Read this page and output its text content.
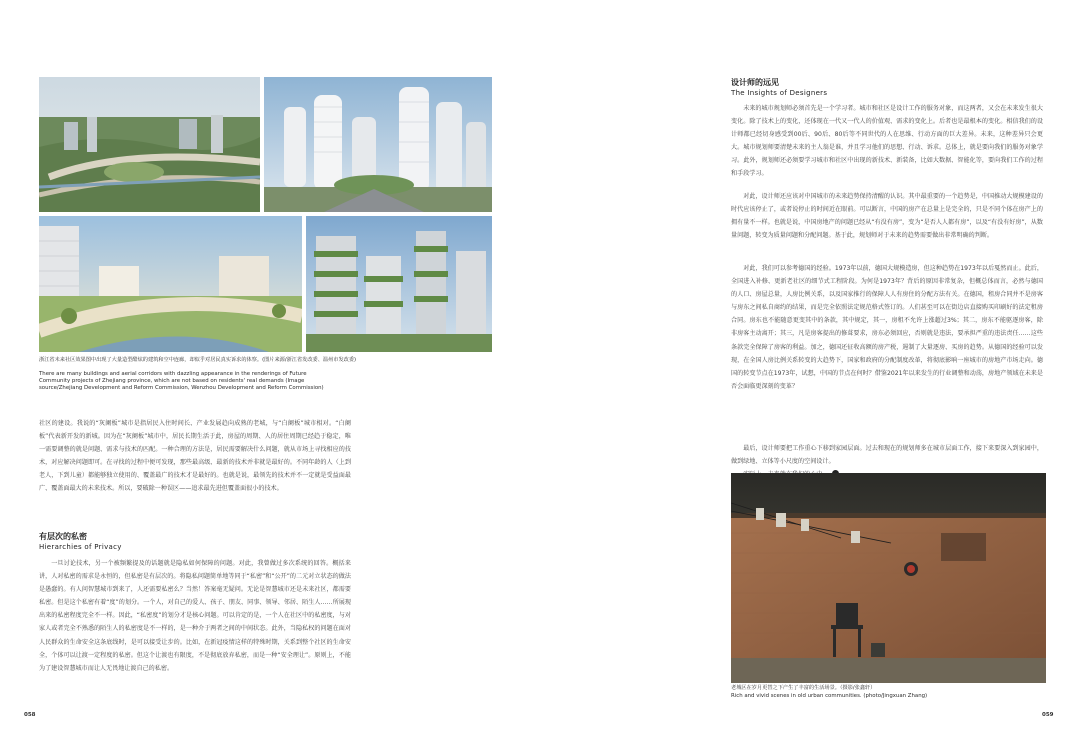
浙江省未来社区效果图中出现了大量造型酷炫的建筑和空中连廊，却似乎对居民真实诉求的体察。(图片来源/浙江省发改委、温州市发改委)
There are many buildings and aerial corridors with dazzling appearance in the renderings of Future Community projects of Zhejiang province, which are not based on residents' real demands (Image source/Zhejiang Development and Reform Commission, Wenzhou Development and Reform Commission)

社区的建设。我说的“灰阑板”城市是指居民入住时间长、产业发展趋向成熟的老城，与“白阑板”城市相对。“白阑板”代表新开发的新城。因为在“灰阑板”城市中，居民长期生活于此，房屋的周期、人的居住周期已经趋于稳定，唯一需要调整的就是问题、需求与技术的匹配。一种合理的方法是，居民需要解决什么问题，就从市场上寻找相应的技术，对应解决问题即可。在寻找的过程中便可发现，那些最高级、最新的技术并非就是最好的。不同年龄的人（上到老人，下到儿童）都能够独立使用的、覆盖最广的技术才是最好的。也就是说，最领先的技术并不一定就是受益面最广、覆盖面最大的未来技术。所以，要破除一种误区——追求最先进但覆盖面很小的技术。

有层次的私密
Hierarchies of Privacy

一旦讨论技术，另一个被频繁提及的话题就是隐私如何保障的问题。对此，我曾做过多次系统的回答。概括来讲，人对私密的需求是永恒的，但私密是有层次的。将隐私问题简单地等同于“私密”和“公开”的二元对立状态的做法是愚蠢的。有人问智慧城市到来了，人还需要私密么？当然！答案毫无疑问。无论是智慧城市还是未来社区，都需要私密。但是这个私密有着“度”的划分。一个人，对自己的爱人、孩子、朋友、同事、领导、邻居、陌生人……所展现出来的私密程度完全不一样。因此，“私密度”的划分才是核心问题。可以肯定的是，一个人在社区中的私密度，与对家人或者完全不熟悉的陌生人的私密度是不一样的，是一种介于两者之间的中间状态。此外，当隐私权的问题在面对人民群众的生命安全这条底线时，是可以接受让步的。比如，在新冠疫情这样的特殊时期，关系到整个社区的生命安全，个体可以让渡一定程度的私密。但这个让渡也有限度，不是彻底放弃私密，而是一种“安全理让”。原则上，不能为了建设智慧城市而让人无畏地让渡自己的私密。

058
设计师的远见
The Insights of Designers

未来的城市规划师必须首先是一个学习者。城市和社区是设计工作的服务对象，而这两者，又会在未来发生很大变化。除了技术上的变化，还体现在一代又一代人的价值观、需求的变化上。后者也是最根本的变化。相信我们的设计师都已经切身感受到00后、90后、80后等不同世代的人在思维、行动方面的巨大差异。未来，这种差异只会更大。城市规划师要清楚未来的主人翁是谁，并且学习他们的思想、行动、诉求。总体上，就是要向我们的服务对象学习。此外，规划师还必须要学习城市和社区中出现的新技术、新装备，比如大数据、智能化等，要向我们工作的过程和手段学习。

对此，设计师还应该对中国城市的未来趋势保持清醒的认识。其中最重要的一个趋势是，中国推动大规模建设的时代应该停止了，或者说停止的时间近在眼前。可以断言，中国的房产在总量上是完全的，只是不同个体在房产上的拥有量不一样。也就是说，中国房地产的问题已经从“有没有房”，变为“是否人人都有房”，以及“有没有好房”，从数量问题，转变为质量问题和分配问题。基于此，规划师对于未来的趋势需要做出非常明确的判断。

对此，我们可以参考德国的经验。1973年以前，德国大规模造房，但这种趋势在1973年以后戛然而止。此后，全国进入补修、更新老社区的细节式工程阶段。为何是1973年？背后的原因非常复杂，但概总体而言，必然与德国的人口、房屋总量，人房比例关系，以及国家推行的保障人人有房住的分配方法有关。在德国，租房合同并不是房客与房东之间私自商约的结果，而是完全依照法定规范格式签订的。人们甚至可以在街边店直接购买印刷好的法定租房合同。房东也不能随意更变其中的条款，其中规定，其一，房租不允许上涨超过3%；其二，房东不能驱逐房客，除非房客主动离开；其三，凡是房客提出的修葺要求，房东必须回应，否则就是违法，要承担严重的违法责任……这些条款完全保障了房客的利益。加之，德国还征收高额的房产税，遏制了大量逐房、买房的趋势。从德国的经验可以发现，在全国人房比例关系转变的大趋势下，国家和政府的分配制度改革，将彻底影响一座城市的房地产市场走向。德国的转变节点在1973年，试想，中国的节点在何时？借鉴2021年以来发生的行业调整和动荡，房地产领域在未来是否会面临更深刻的变革？

最后，设计师要把工作重心下移到家园层面。过去和现在的规划师多在城市层面工作，接下来要深入到家园中，做到绿地、立体等小尺度的空间设计。

老城区在岁月更替之下产生了丰富的生活场景。（摄影/张鑫轩）
Rich and vivid scenes in old urban communities. (photo/Jingxuan Zhang)
059
